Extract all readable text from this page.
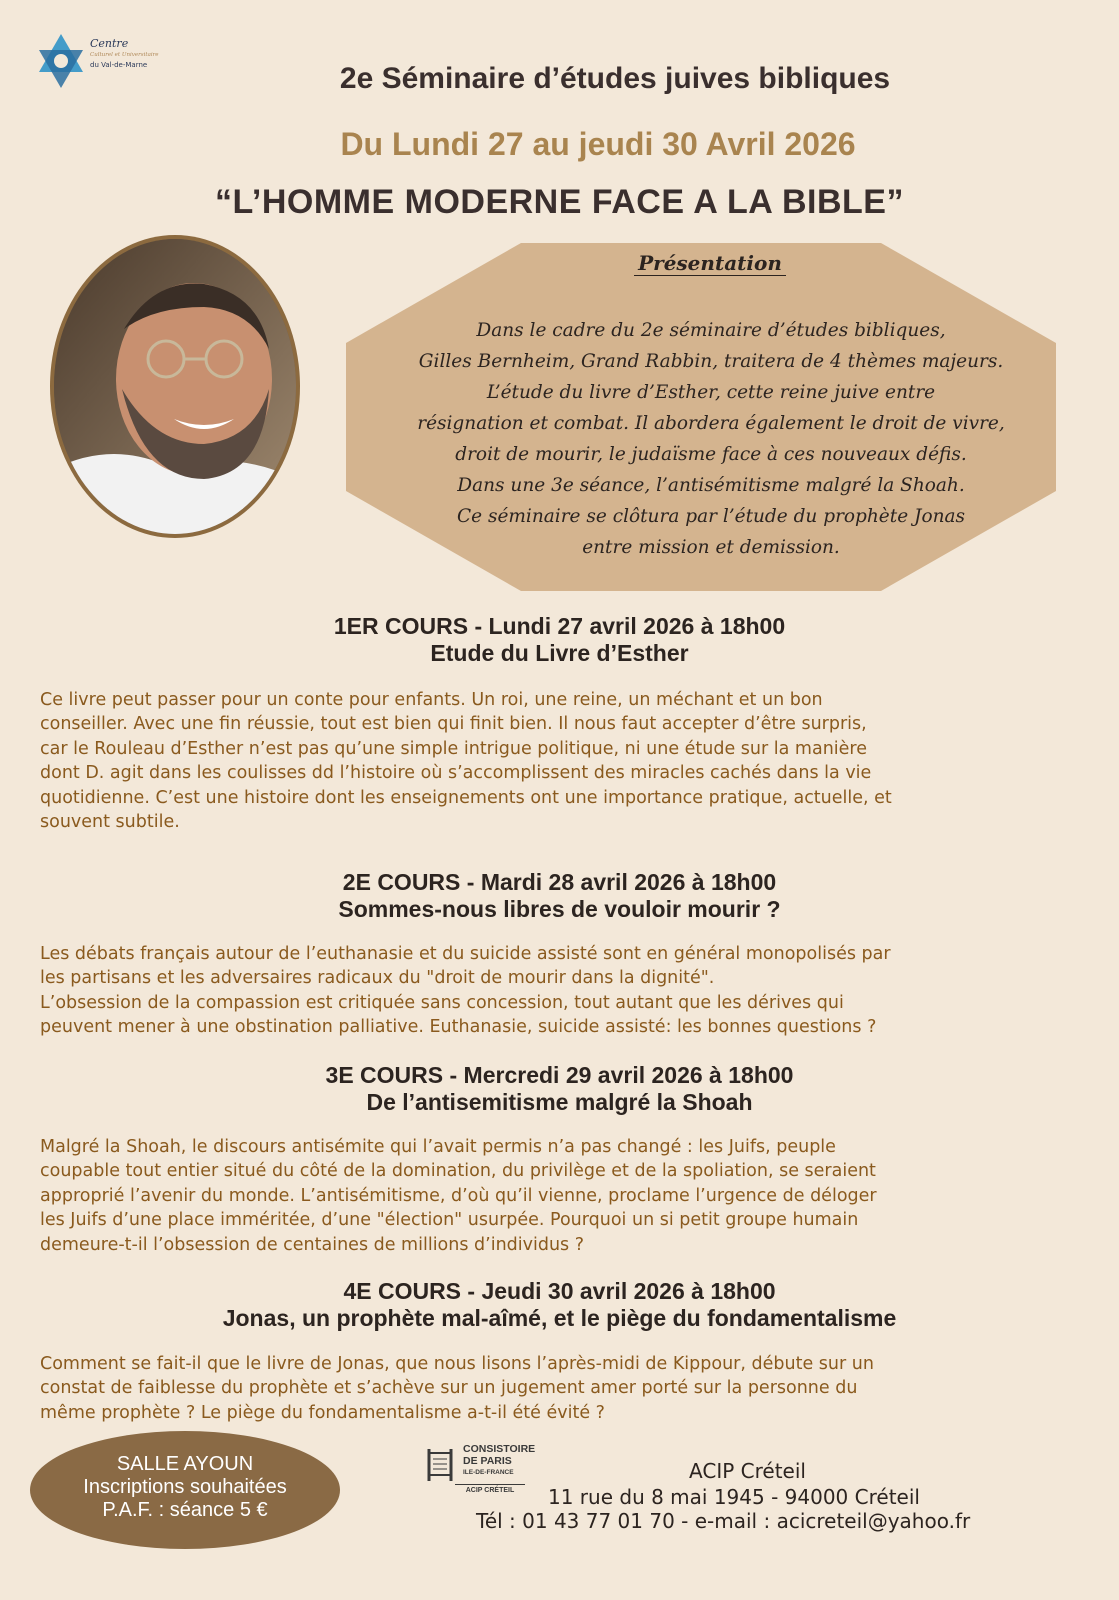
Centre
Culturel et Universitaire
du Val-de-Marne	2e Séminaire d’études juives bibliques
Du Lundi 27 au jeudi 30 Avril 2026
“L’HOMME MODERNE FACE A LA BIBLE”
Présentation
Dans le cadre du 2e séminaire d’études bibliques,
Gilles Bernheim, Grand Rabbin, traitera de 4 thèmes majeurs.
L’étude du livre d’Esther, cette reine juive entre
résignation et combat. Il abordera également le droit de vivre,
droit de mourir, le judaïsme face à ces nouveaux défis.
Dans une 3e séance, l’antisémitisme malgré la Shoah.
Ce séminaire se clôtura par l’étude du prophète Jonas
entre mission et demission.
1ER COURS - Lundi 27 avril 2026 à 18h00
Etude du Livre d’Esther
Ce livre peut passer pour un conte pour enfants. Un roi, une reine, un méchant et un bon
conseiller. Avec une fin réussie, tout est bien qui finit bien. Il nous faut accepter d’être surpris,
car le Rouleau d’Esther n’est pas qu’une simple intrigue politique, ni une étude sur la manière
dont D. agit dans les coulisses dd l’histoire où s’accomplissent des miracles cachés dans la vie
quotidienne. C’est une histoire dont les enseignements ont une importance pratique, actuelle, et
souvent subtile.
2E COURS - Mardi 28 avril 2026 à 18h00
Sommes-nous libres de vouloir mourir ?
Les débats français autour de l’euthanasie et du suicide assisté sont en général monopolisés par
les partisans et les adversaires radicaux du "droit de mourir dans la dignité".
L’obsession de la compassion est critiquée sans concession, tout autant que les dérives qui
peuvent mener à une obstination palliative. Euthanasie, suicide assisté: les bonnes questions ?
3E COURS - Mercredi 29 avril 2026 à 18h00
De l’antisemitisme malgré la Shoah
Malgré la Shoah, le discours antisémite qui l’avait permis n’a pas changé : les Juifs, peuple
coupable tout entier situé du côté de la domination, du privilège et de la spoliation, se seraient
approprié l’avenir du monde. L’antisémitisme, d’où qu’il vienne, proclame l’urgence de déloger
les Juifs d’une place imméritée, d’une "élection" usurpée. Pourquoi un si petit groupe humain
demeure-t-il l’obsession de centaines de millions d’individus ?
4E COURS - Jeudi 30 avril 2026 à 18h00
Jonas, un prophète mal-aîmé, et le piège du fondamentalisme
Comment se fait-il que le livre de Jonas, que nous lisons l’après-midi de Kippour, débute sur un
constat de faiblesse du prophète et s’achève sur un jugement amer porté sur la personne du
même prophète ? Le piège du fondamentalisme a-t-il été évité ?
SALLE AYOUN
Inscriptions souhaitées
P.A.F. : séance 5 €
CONSISTOIRE
DE PARIS
ILE-DE-FRANCE
ACIP CRÉTEIL
ACIP Créteil
11 rue du 8 mai 1945 - 94000 Créteil
Tél : 01 43 77 01 70 - e-mail : acicreteil@yahoo.fr
